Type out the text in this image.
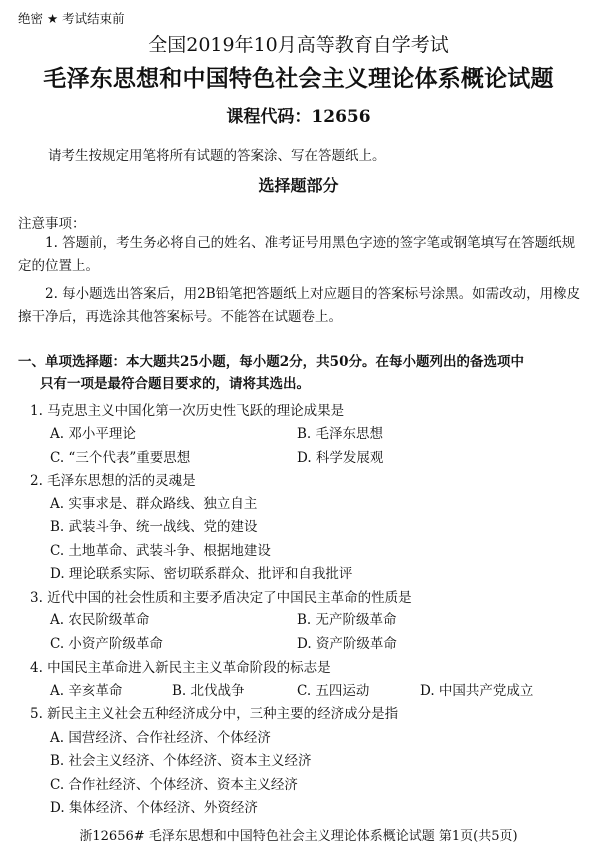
绝密 ★ 考试结束前
全国2019年10月高等教育自学考试
毛泽东思想和中国特色社会主义理论体系概论试题
课程代码：12656
请考生按规定用笔将所有试题的答案涂、写在答题纸上。
选择题部分
注意事项：
1. 答题前，考生务必将自己的姓名、准考证号用黑色字迹的签字笔或钢笔填写在答题纸规定的位置上。
2. 每小题选出答案后，用2B铅笔把答题纸上对应题目的答案标号涂黑。如需改动，用橡皮擦干净后，再选涂其他答案标号。不能答在试题卷上。
一、单项选择题：本大题共25小题，每小题2分，共50分。在每小题列出的备选项中
只有一项是最符合题目要求的，请将其选出。
1. 马克思主义中国化第一次历史性飞跃的理论成果是
A. 邓小平理论	B. 毛泽东思想
C. “三个代表”重要思想	D. 科学发展观
2. 毛泽东思想的活的灵魂是
A. 实事求是、群众路线、独立自主
B. 武装斗争、统一战线、党的建设
C. 土地革命、武装斗争、根据地建设
D. 理论联系实际、密切联系群众、批评和自我批评
3. 近代中国的社会性质和主要矛盾决定了中国民主革命的性质是
A. 农民阶级革命	B. 无产阶级革命
C. 小资产阶级革命	D. 资产阶级革命
4. 中国民主革命进入新民主主义革命阶段的标志是
A. 辛亥革命	B. 北伐战争	C. 五四运动	D. 中国共产党成立
5. 新民主主义社会五种经济成分中，三种主要的经济成分是指
A. 国营经济、合作社经济、个体经济
B. 社会主义经济、个体经济、资本主义经济
C. 合作社经济、个体经济、资本主义经济
D. 集体经济、个体经济、外资经济
浙12656# 毛泽东思想和中国特色社会主义理论体系概论试题 第1页(共5页)
